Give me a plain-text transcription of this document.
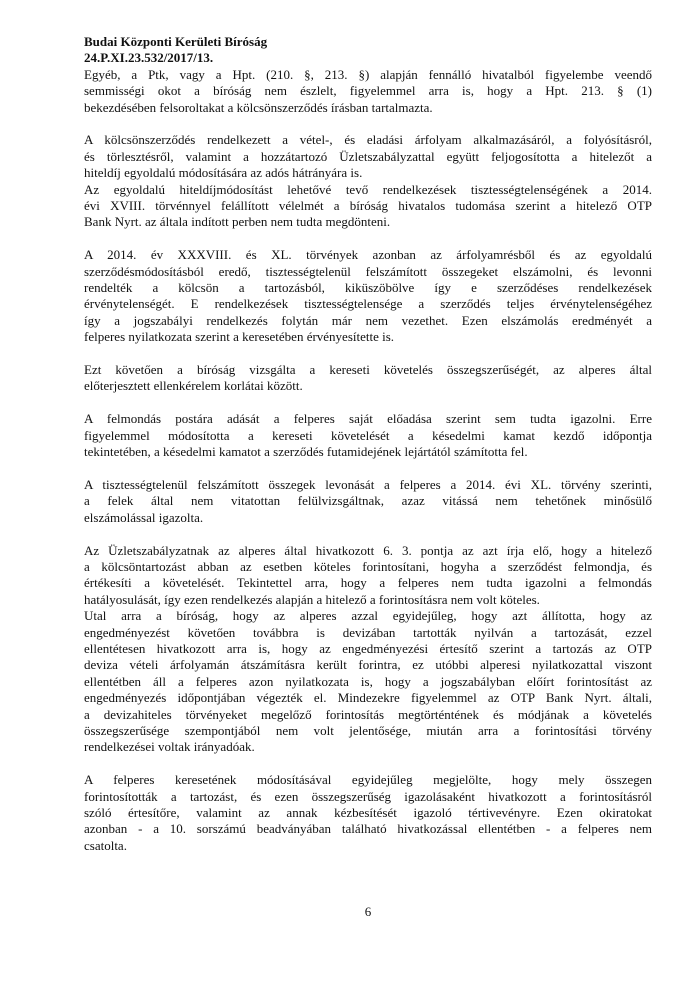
Budai Központi Kerületi Bíróság
24.P.XI.23.532/2017/13.
Egyéb, a Ptk, vagy a Hpt. (210. §, 213. §) alapján fennálló hivatalból figyelembe veendő
semmisségi okot a bíróság nem észlelt, figyelemmel arra is, hogy a Hpt. 213. § (1)
bekezdésében felsoroltakat a kölcsönszerződés írásban tartalmazta.
A kölcsönszerződés rendelkezett a vétel-, és eladási árfolyam alkalmazásáról, a folyósításról,
és törlesztésről, valamint a hozzátartozó Üzletszabályzattal együtt feljogosította a hitelezőt a
hiteldíj egyoldalú módosítására az adós hátrányára is.
Az egyoldalú hiteldíjmódosítást lehetővé tevő rendelkezések tisztességtelenségének a 2014.
évi XVIII. törvénnyel felállított vélelmét a bíróság hivatalos tudomása szerint a hitelező OTP
Bank Nyrt. az általa indított perben nem tudta megdönteni.
A 2014. év XXXVIII. és XL. törvények azonban az árfolyamrésből és az egyoldalú
szerződésmódosításból eredő, tisztességtelenül felszámított összegeket elszámolni, és levonni
rendelték a kölcsön a tartozásból, kiküszöbölve így e szerződéses rendelkezések
érvénytelenségét. E rendelkezések tisztességtelensége a szerződés teljes érvénytelenségéhez
így a jogszabályi rendelkezés folytán már nem vezethet. Ezen elszámolás eredményét a
felperes nyilatkozata szerint a keresetében érvényesítette is.
Ezt követően a bíróság vizsgálta a kereseti követelés összegszerűségét, az alperes által
előterjesztett ellenkérelem korlátai között.
A felmondás postára adását a felperes saját előadása szerint sem tudta igazolni. Erre
figyelemmel módosította a kereseti követelését a késedelmi kamat kezdő időpontja
tekintetében, a késedelmi kamatot a szerződés futamidejének lejártától számította fel.
A tisztességtelenül felszámított összegek levonását a felperes a 2014. évi XL. törvény szerinti,
a felek által nem vitatottan felülvizsgáltnak, azaz vitássá nem tehetőnek minősülő
elszámolással igazolta.
Az Üzletszabályzatnak az alperes által hivatkozott 6. 3. pontja az azt írja elő, hogy a hitelező
a kölcsöntartozást abban az esetben köteles forintosítani, hogyha a szerződést felmondja, és
értékesíti a követelését. Tekintettel arra, hogy a felperes nem tudta igazolni a felmondás
hatályosulását, így ezen rendelkezés alapján a hitelező a forintosításra nem volt köteles.
Utal arra a bíróság, hogy az alperes azzal egyidejűleg, hogy azt állította, hogy az
engedményezést követően továbbra is devizában tartották nyilván a tartozását, ezzel
ellentétesen hivatkozott arra is, hogy az engedményezési értesítő szerint a tartozás az OTP
deviza vételi árfolyamán átszámításra került forintra, ez utóbbi alperesi nyilatkozattal viszont
ellentétben áll a felperes azon nyilatkozata is, hogy a jogszabályban előírt forintosítást az
engedményezés időpontjában végezték el. Mindezekre figyelemmel az OTP Bank Nyrt. általi,
a devizahiteles törvényeket megelőző forintosítás megtörténtének és módjának a követelés
összegszerűsége szempontjából nem volt jelentősége, miután arra a forintosítási törvény
rendelkezései voltak irányadóak.
A felperes keresetének módosításával egyidejűleg megjelölte, hogy mely összegen
forintosították a tartozást, és ezen összegszerűség igazolásaként hivatkozott a forintosításról
szóló értesítőre, valamint az annak kézbesítését igazoló tértivevényre. Ezen okiratokat
azonban - a 10. sorszámú beadványában található hivatkozással ellentétben - a felperes nem
csatolta.
6
